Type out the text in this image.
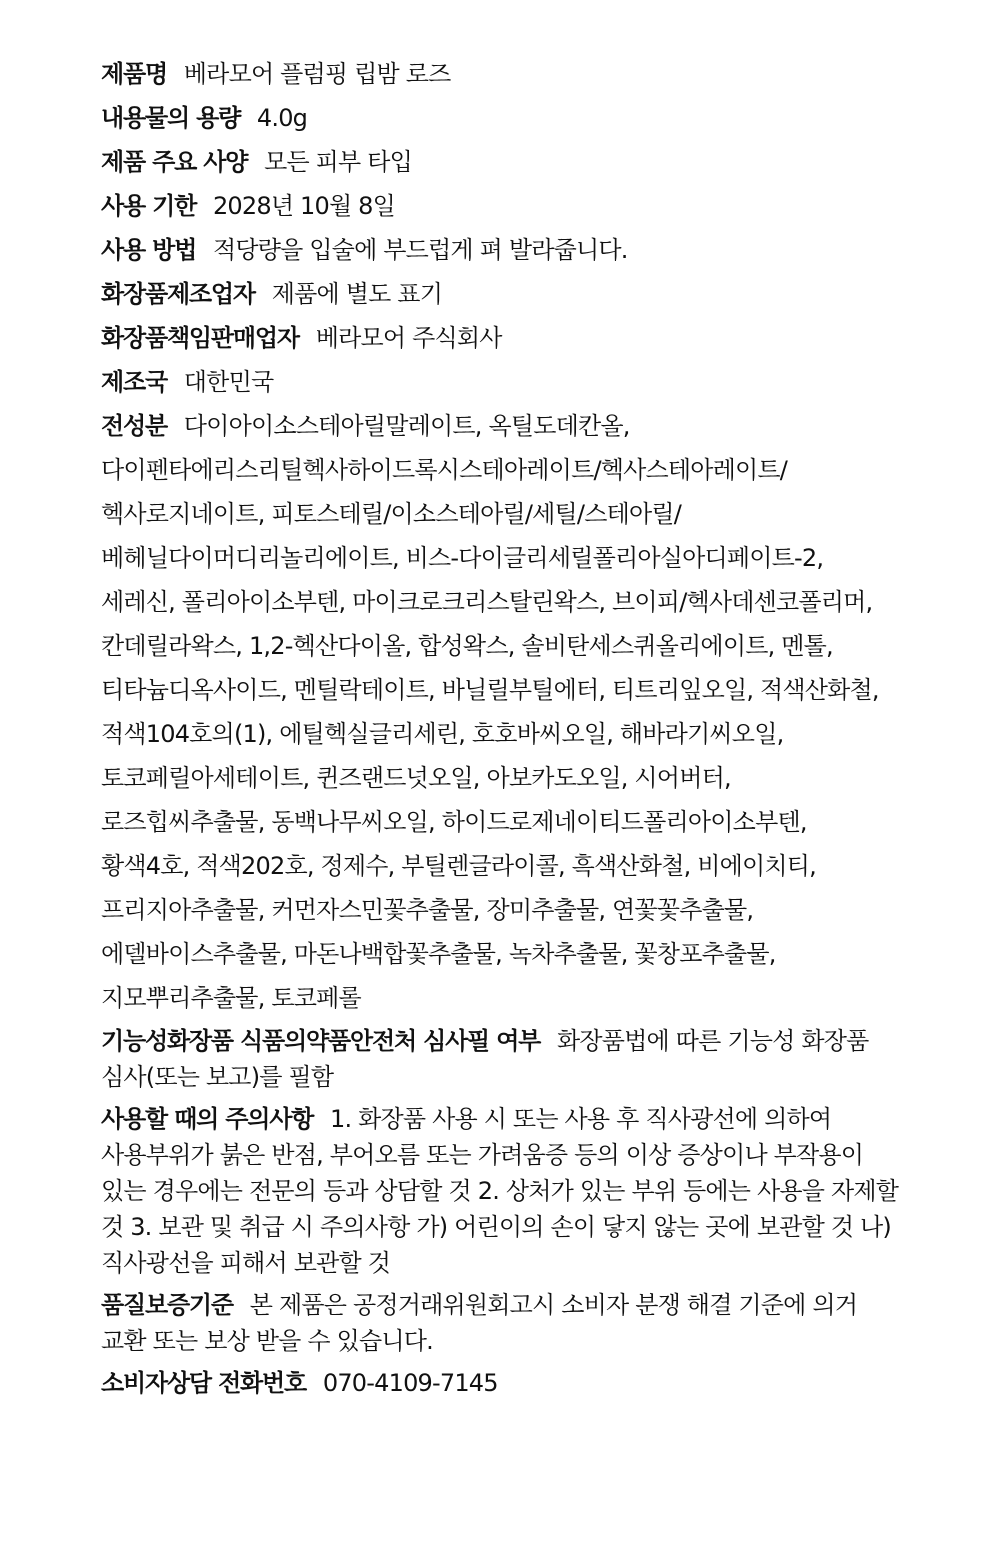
제품명 베라모어 플럼핑 립밤 로즈
내용물의 용량 4.0g
제품 주요 사양 모든 피부 타입
사용 기한 2028년 10월 8일
사용 방법 적당량을 입술에 부드럽게 펴 발라줍니다.
화장품제조업자 제품에 별도 표기
화장품책임판매업자 베라모어 주식회사
제조국 대한민국
전성분 다이아이소스테아릴말레이트, 옥틸도데칸올, 다이펜타에리스리틸헥사하이드록시스테아레이트/헥사스테아레이트/헥사로지네이트, 피토스테릴/이소스테아릴/세틸/스테아릴/베헤닐다이머디리놀리에이트, 비스-다이글리세릴폴리아실아디페이트-2, 세레신, 폴리아이소부텐, 마이크로크리스탈린왁스, 브이피/헥사데센코폴리머, 칸데릴라왁스, 1,2-헥산다이올, 합성왁스, 솔비탄세스퀴올리에이트, 멘톨, 티타늄디옥사이드, 멘틸락테이트, 바닐릴부틸에터, 티트리잎오일, 적색산화철, 적색104호의(1), 에틸헥실글리세린, 호호바씨오일, 해바라기씨오일, 토코페릴아세테이트, 퀸즈랜드넛오일, 아보카도오일, 시어버터, 로즈힙씨추출물, 동백나무씨오일, 하이드로제네이티드폴리아이소부텐, 황색4호, 적색202호, 정제수, 부틸렌글라이콜, 흑색산화철, 비에이치티, 프리지아추출물, 커먼자스민꽃추출물, 장미추출물, 연꽃꽃추출물, 에델바이스추출물, 마돈나백합꽃추출물, 녹차추출물, 꽃창포추출물, 지모뿌리추출물, 토코페롤
기능성화장품 식품의약품안전처 심사필 여부 화장품법에 따른 기능성 화장품 심사(또는 보고)를 필함
사용할 때의 주의사항 1. 화장품 사용 시 또는 사용 후 직사광선에 의하여 사용부위가 붉은 반점, 부어오름 또는 가려움증 등의 이상 증상이나 부작용이 있는 경우에는 전문의 등과 상담할 것 2. 상처가 있는 부위 등에는 사용을 자제할 것 3. 보관 및 취급 시 주의사항 가) 어린이의 손이 닿지 않는 곳에 보관할 것 나) 직사광선을 피해서 보관할 것
품질보증기준 본 제품은 공정거래위원회고시 소비자 분쟁 해결 기준에 의거 교환 또는 보상 받을 수 있습니다.
소비자상담 전화번호 070-4109-7145
